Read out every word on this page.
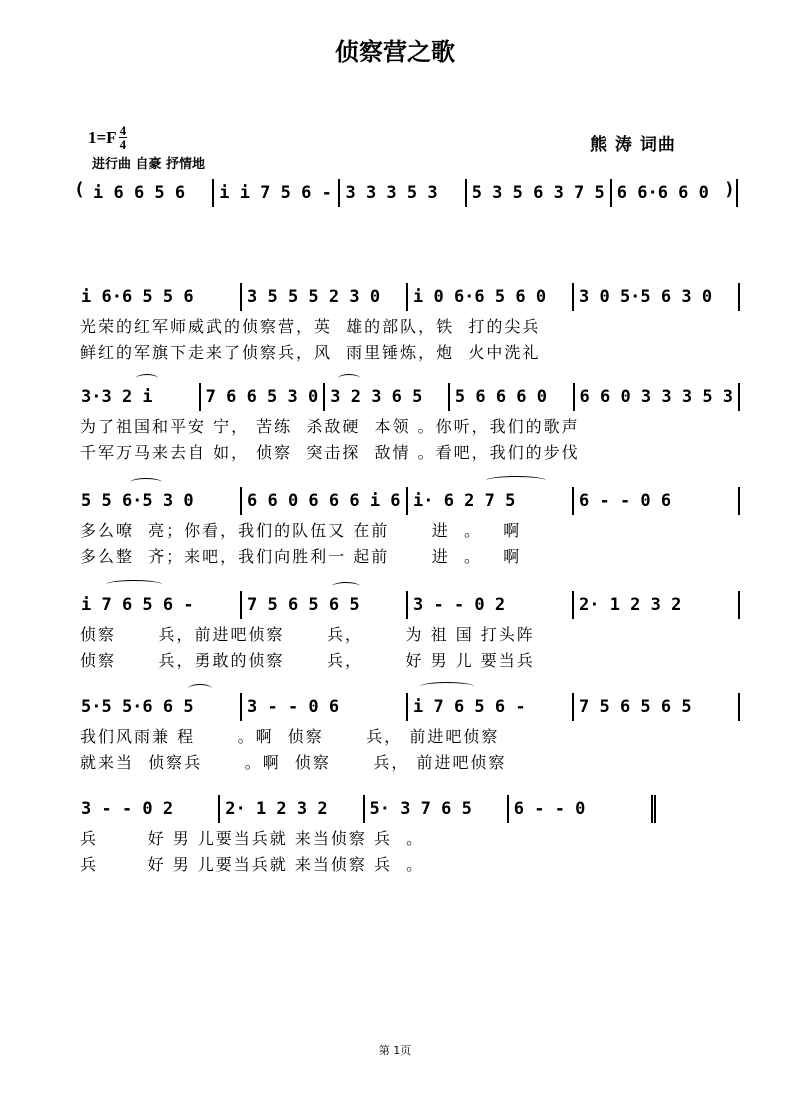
侦察营之歌
$1=F \frac{4}{4}$
进行曲 自豪 抒情地
熊 涛 词曲
( i 6 6 5 6	i i 7 5 6 - 3 3 3 5 3	5 3 5 6 3 7 5 6 6·6 6 0 )
i 6·6 5 5 6	3 5 5 5 2 3 0	i 0 6·6 5 6 0	3 0 5·5 6 3 0
光荣的红军师威武的侦察营，英  雄的部队，铁  打的尖兵
鲜红的军旗下走来了侦察兵，风  雨里锤炼，炮  火中洗礼
3·3 2 i	7 6 6 5 3 0 3 2 3 6 5	5 6 6 6 0	6 6 0 3 3 3 5 3
为了祖国和平安 宁， 苦练  杀敌硬  本领 。你听，我们的歌声
千军万马来去自 如， 侦察  突击探  敌情 。看吧，我们的步伐
5 5 6·5 3 0	6 6 0 6 6 6 i 6 i· 6 2 7 5	6 - - 0 6
多么嘹  亮；你看，我们的队伍又 在前      进  。   啊
多么整  齐；来吧，我们向胜利一 起前      进  。   啊
i 7 6 5 6 -	7 5 6 5 6 5	3 - - 0 2	2· 1 2 3 2
侦察      兵，前进吧侦察      兵，      为 祖 国 打头阵
侦察      兵，勇敢的侦察      兵，      好 男 儿 要当兵
5·5 5·6 6 5	3 - - 0 6	i 7 6 5 6 -	7 5 6 5 6 5
我们风雨兼 程      。啊  侦察      兵， 前进吧侦察
就来当  侦察兵      。啊  侦察      兵， 前进吧侦察
3 - - 0 2	2· 1 2 3 2	5· 3 7 6 5	6 - - 0
兵       好 男 儿要当兵就 来当侦察 兵  。
兵       好 男 儿要当兵就 来当侦察 兵  。
第 1页
